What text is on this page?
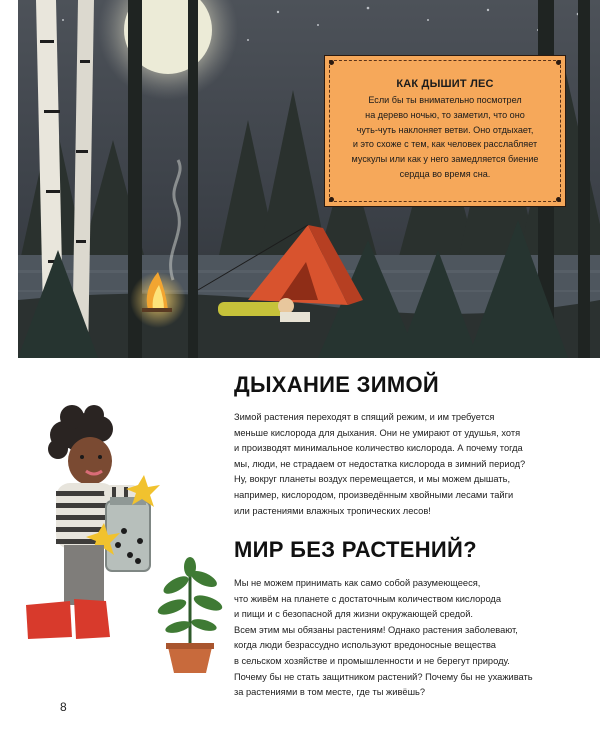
КАК ДЫШИТ ЛЕС
Если бы ты внимательно посмотрел
на дерево ночью, то заметил, что оно
чуть-чуть наклоняет ветви. Оно отдыхает,
и это схоже с тем, как человек расслабляет
мускулы или как у него замедляется биение
сердца во время сна.
ДЫХАНИЕ ЗИМОЙ
Зимой растения переходят в спящий режим, и им требуется
меньше кислорода для дыхания. Они не умирают от удушья, хотя
и производят минимальное количество кислорода. А почему тогда
мы, люди, не страдаем от недостатка кислорода в зимний период?
Ну, вокруг планеты воздух перемещается, и мы можем дышать,
например, кислородом, произведённым хвойными лесами тайги
или растениями влажных тропических лесов!
МИР БЕЗ РАСТЕНИЙ?
Мы не можем принимать как само собой разумеющееся,
что живём на планете с достаточным количеством кислорода
и пищи и с безопасной для жизни окружающей средой.
Всем этим мы обязаны растениям! Однако растения заболевают,
когда люди безрассудно используют вредоносные вещества
в сельском хозяйстве и промышленности и не берегут природу.
Почему бы не стать защитником растений? Почему бы не ухаживать
за растениями в том месте, где ты живёшь?
8
